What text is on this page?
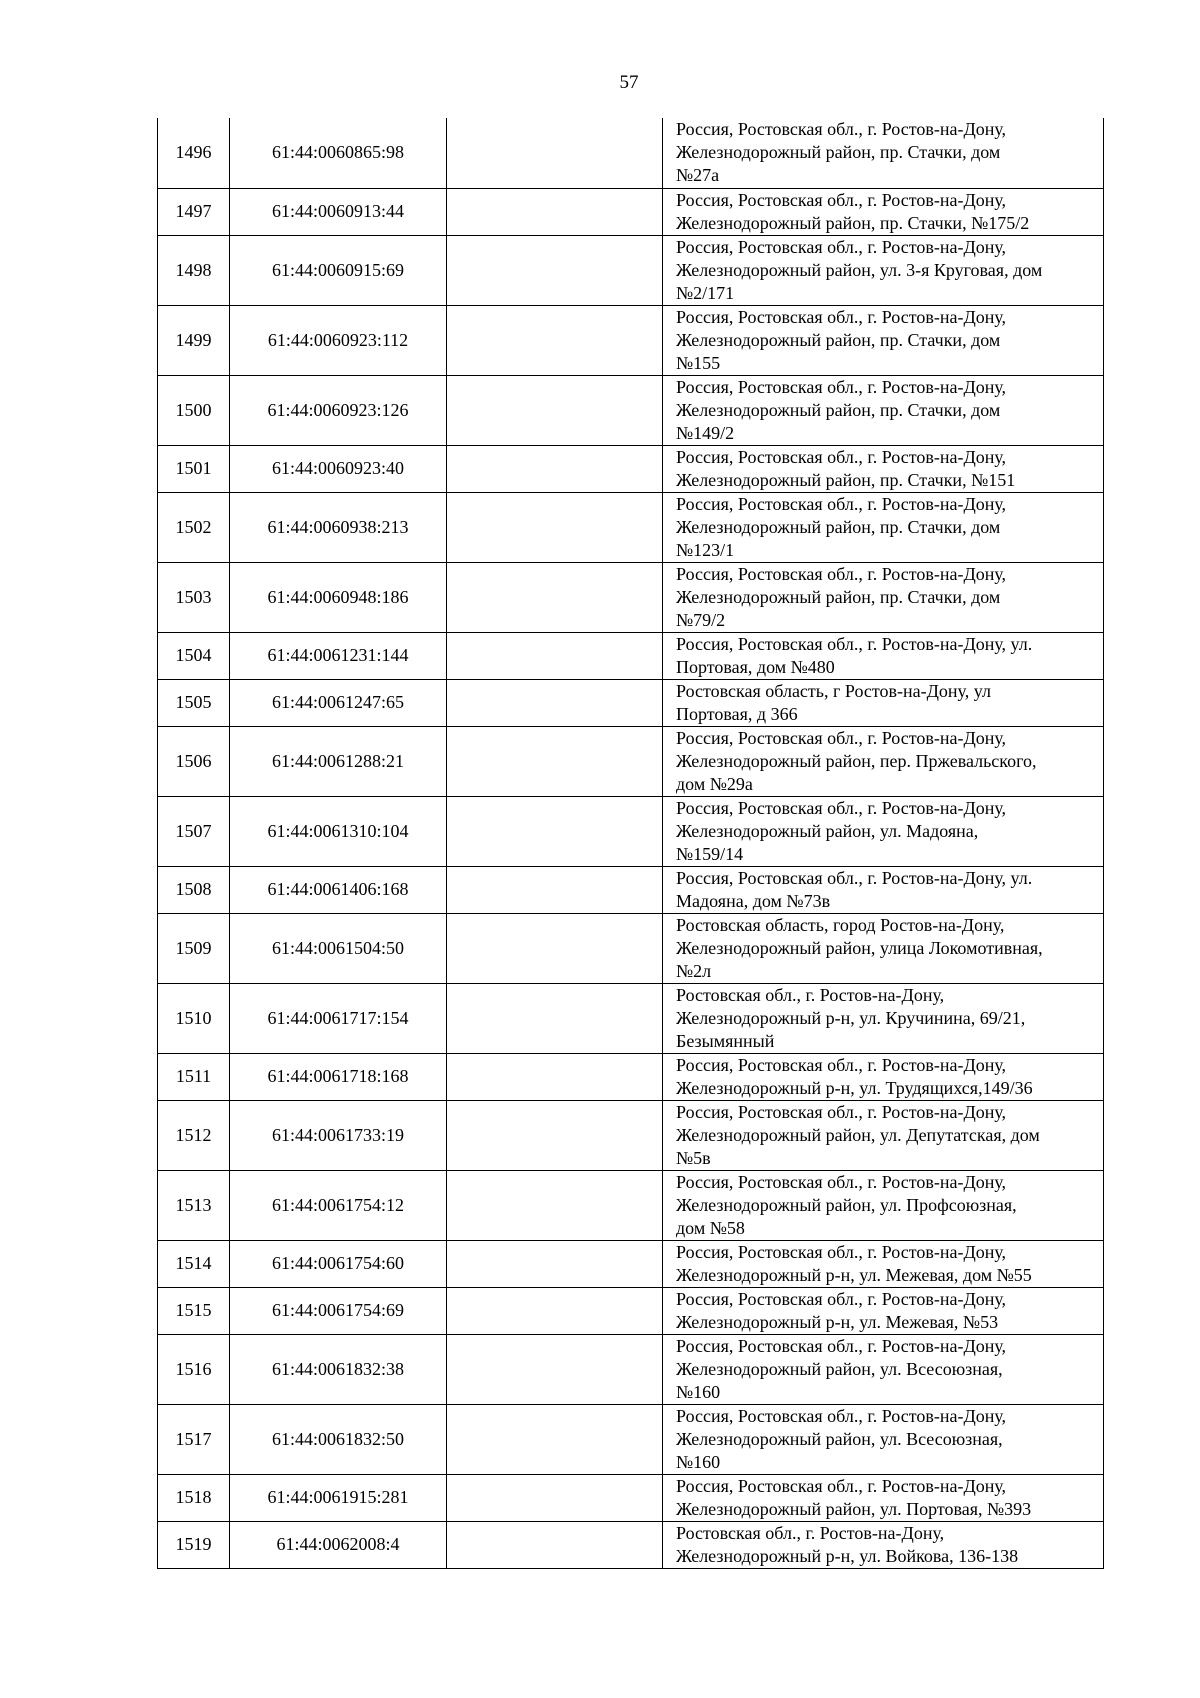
57
1496	61:44:0060865:98		Россия, Ростовская обл., г. Ростов-на-Дону,
Железнодорожный район, пр. Стачки, дом
№27а

1497	61:44:0060913:44		Россия, Ростовская обл., г. Ростов-на-Дону,
Железнодорожный район, пр. Стачки, №175/2

1498	61:44:0060915:69		Россия, Ростовская обл., г. Ростов-на-Дону,
Железнодорожный район, ул. 3-я Круговая, дом
№2/171

1499	61:44:0060923:112		Россия, Ростовская обл., г. Ростов-на-Дону,
Железнодорожный район, пр. Стачки, дом
№155

1500	61:44:0060923:126		Россия, Ростовская обл., г. Ростов-на-Дону,
Железнодорожный район, пр. Стачки, дом
№149/2

1501	61:44:0060923:40		Россия, Ростовская обл., г. Ростов-на-Дону,
Железнодорожный район, пр. Стачки, №151

1502	61:44:0060938:213		Россия, Ростовская обл., г. Ростов-на-Дону,
Железнодорожный район, пр. Стачки, дом
№123/1

1503	61:44:0060948:186		Россия, Ростовская обл., г. Ростов-на-Дону,
Железнодорожный район, пр. Стачки, дом
№79/2

1504	61:44:0061231:144		Россия, Ростовская обл., г. Ростов-на-Дону, ул.
Портовая, дом №480

1505	61:44:0061247:65		Ростовская область, г Ростов-на-Дону, ул
Портовая, д 366

1506	61:44:0061288:21		Россия, Ростовская обл., г. Ростов-на-Дону,
Железнодорожный район, пер. Пржевальского,
дом №29а

1507	61:44:0061310:104		Россия, Ростовская обл., г. Ростов-на-Дону,
Железнодорожный район, ул. Мадояна,
№159/14

1508	61:44:0061406:168		Россия, Ростовская обл., г. Ростов-на-Дону, ул.
Мадояна, дом №73в

1509	61:44:0061504:50		Ростовская область, город Ростов-на-Дону,
Железнодорожный район, улица Локомотивная,
№2л

1510	61:44:0061717:154		Ростовская обл., г. Ростов-на-Дону,
Железнодорожный р-н, ул. Кручинина, 69/21,
Безымянный

1511	61:44:0061718:168		Россия, Ростовская обл., г. Ростов-на-Дону,
Железнодорожный р-н, ул. Трудящихся,149/36

1512	61:44:0061733:19		Россия, Ростовская обл., г. Ростов-на-Дону,
Железнодорожный район, ул. Депутатская, дом
№5в

1513	61:44:0061754:12		Россия, Ростовская обл., г. Ростов-на-Дону,
Железнодорожный район, ул. Профсоюзная,
дом №58

1514	61:44:0061754:60		Россия, Ростовская обл., г. Ростов-на-Дону,
Железнодорожный р-н, ул. Межевая, дом №55

1515	61:44:0061754:69		Россия, Ростовская обл., г. Ростов-на-Дону,
Железнодорожный р-н, ул. Межевая, №53

1516	61:44:0061832:38		Россия, Ростовская обл., г. Ростов-на-Дону,
Железнодорожный район, ул. Всесоюзная,
№160

1517	61:44:0061832:50		Россия, Ростовская обл., г. Ростов-на-Дону,
Железнодорожный район, ул. Всесоюзная,
№160

1518	61:44:0061915:281		Россия, Ростовская обл., г. Ростов-на-Дону,
Железнодорожный район, ул. Портовая, №393

1519	61:44:0062008:4		Ростовская обл., г. Ростов-на-Дону,
Железнодорожный р-н, ул. Войкова, 136-138
